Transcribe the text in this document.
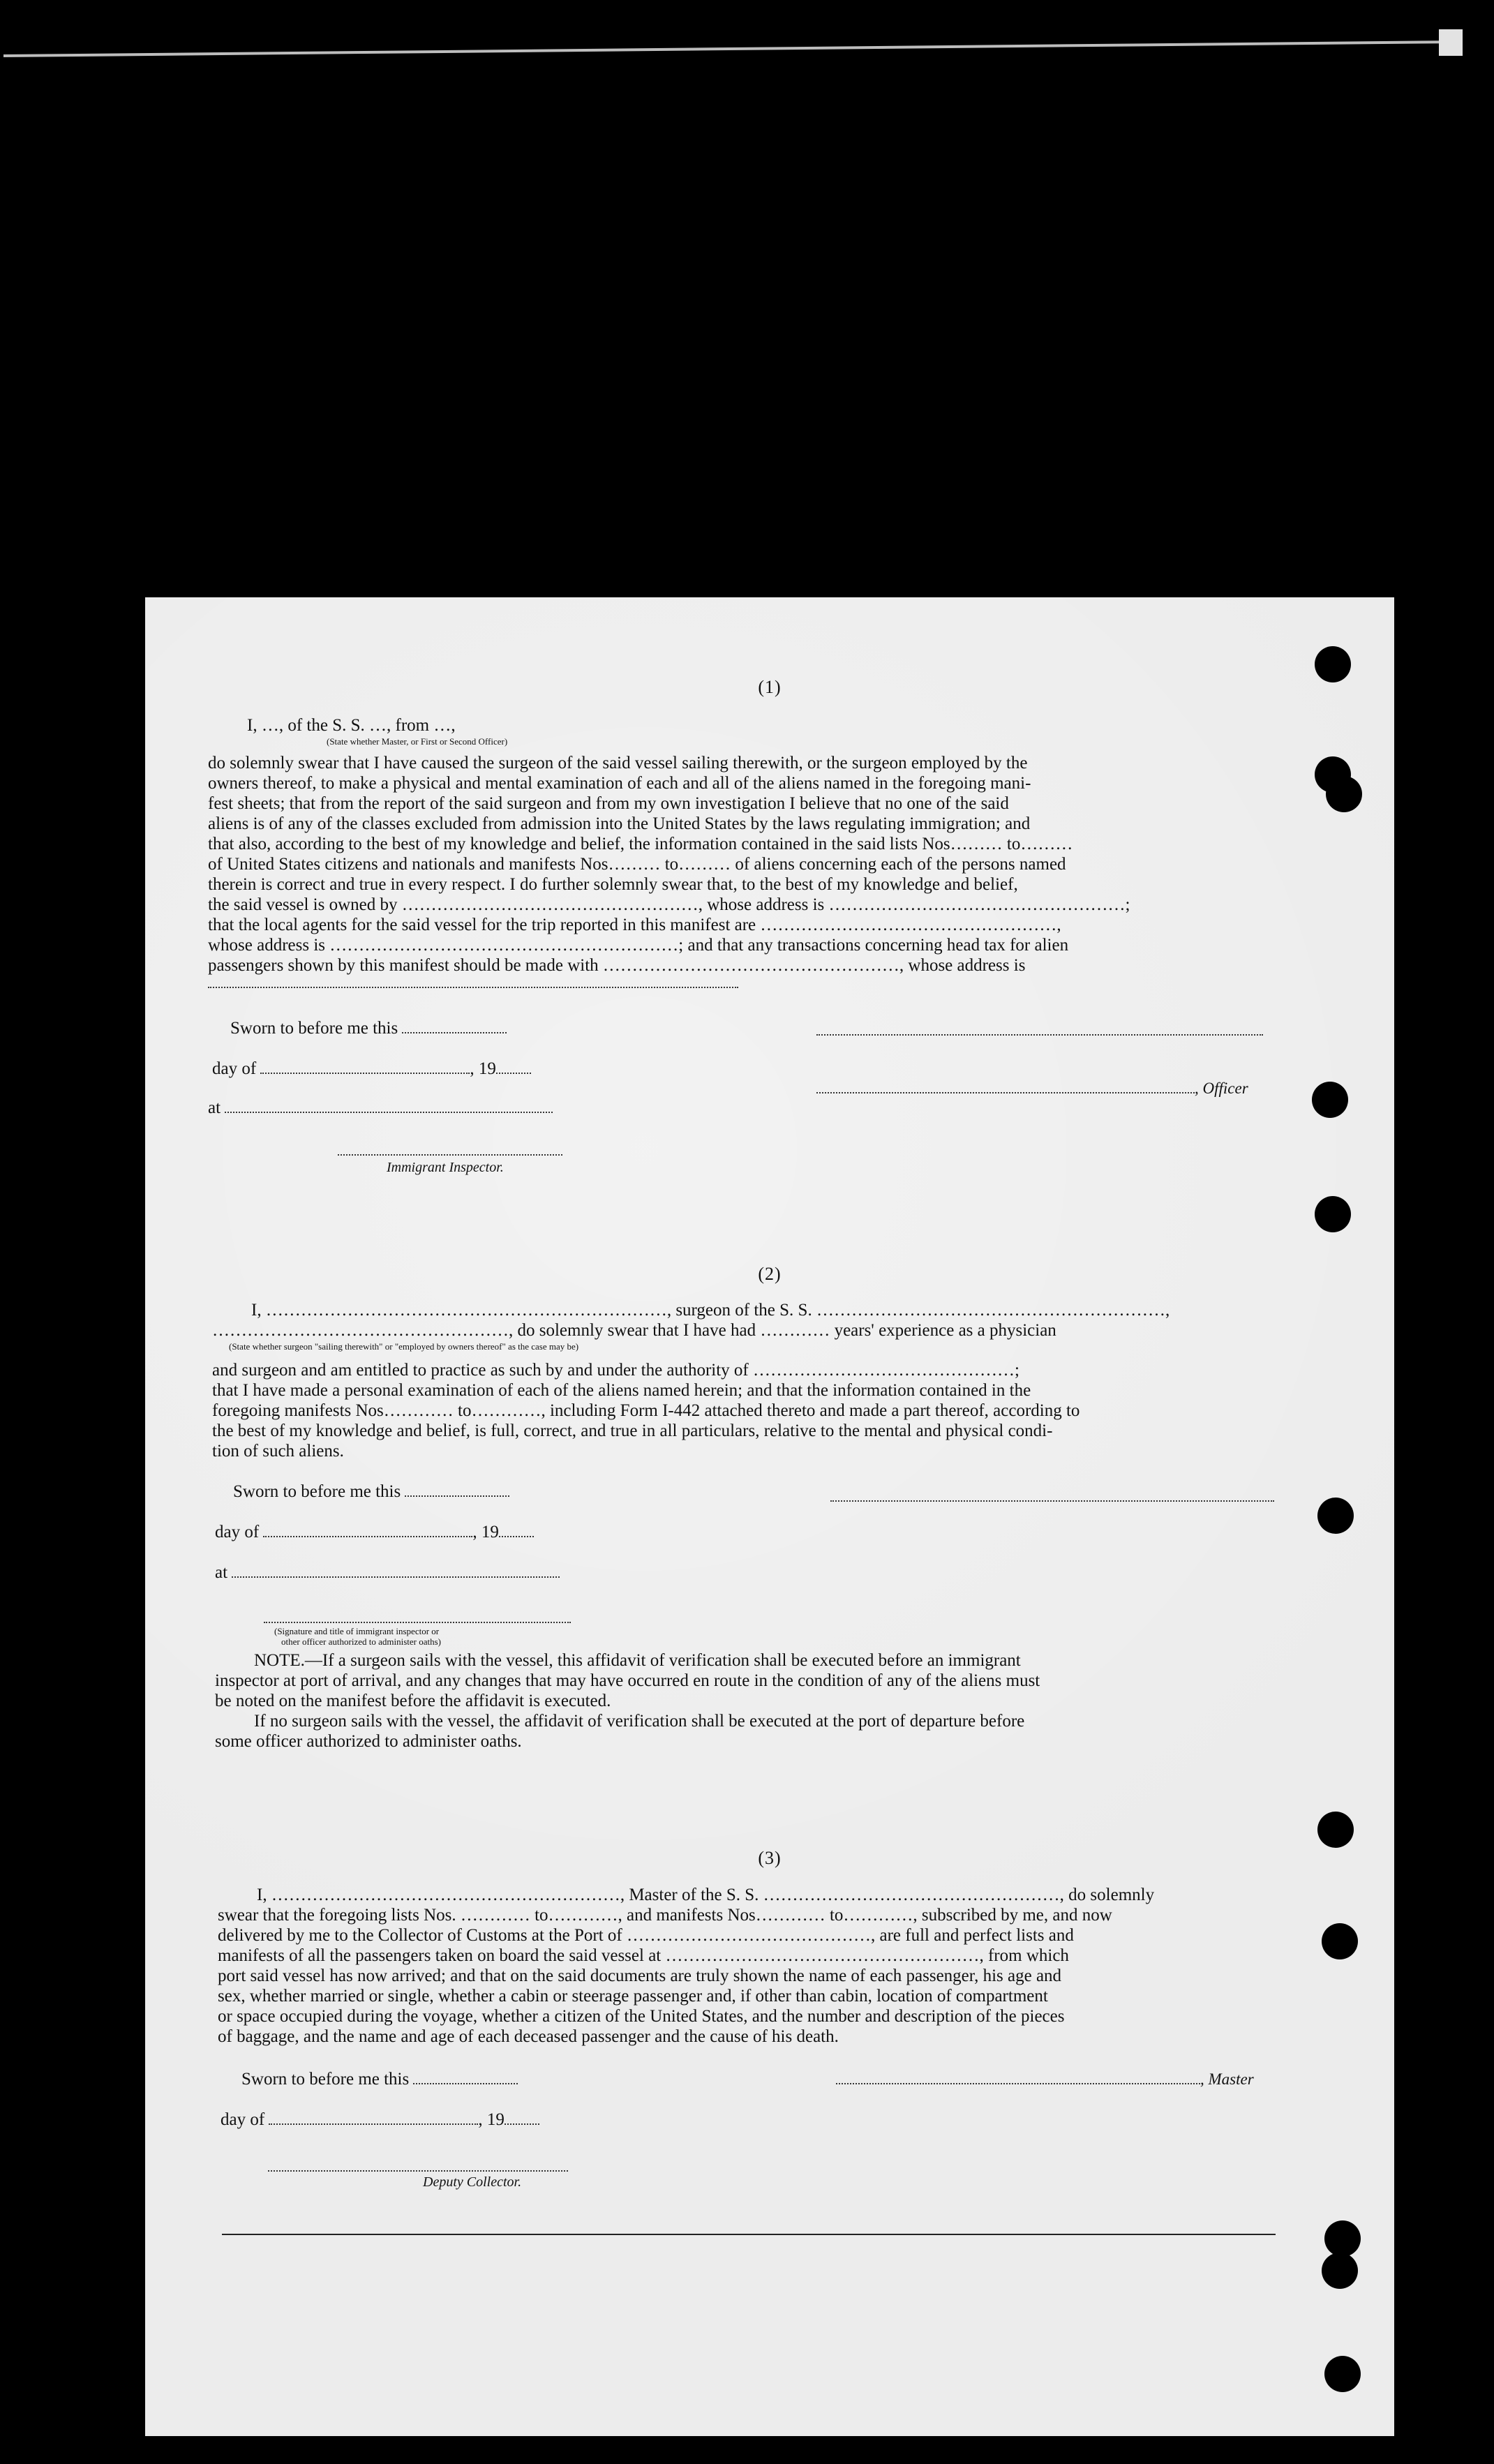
(1)
I, …, of the S. S. …, from …,
(State whether Master, or First or Second Officer)
do solemnly swear that I have caused the surgeon of the said vessel sailing therewith, or the surgeon employed by the
owners thereof, to make a physical and mental examination of each and all of the aliens named in the foregoing mani-
fest sheets; that from the report of the said surgeon and from my own investigation I believe that no one of the said
aliens is of any of the classes excluded from admission into the United States by the laws regulating immigration; and
that also, according to the best of my knowledge and belief, the information contained in the said lists Nos……… to………
of United States citizens and nationals and manifests Nos……… to……… of aliens concerning each of the persons named
therein is correct and true in every respect. I do further solemnly swear that, to the best of my knowledge and belief,
the said vessel is owned by ……………………………………………, whose address is ……………………………………………;
that the local agents for the said vessel for the trip reported in this manifest are ……………………………………………,
whose address is ……………………………………………………; and that any transactions concerning head tax for alien
passengers shown by this manifest should be made with ……………………………………………, whose address is
Sworn to before me this
day of	, 19
at
Immigrant Inspector.
, Officer
(2)
I, ……………………………………………………………, surgeon of the S. S. ……………………………………………………,
……………………………………………, do solemnly swear that I have had ………… years' experience as a physician
(State whether surgeon "sailing therewith" or "employed by owners thereof" as the case may be)
and surgeon and am entitled to practice as such by and under the authority of ………………………………………;
that I have made a personal examination of each of the aliens named herein; and that the information contained in the
foregoing manifests Nos………… to…………, including Form I-442 attached thereto and made a part thereof, according to
the best of my knowledge and belief, is full, correct, and true in all particulars, relative to the mental and physical condi-
tion of such aliens.
Sworn to before me this
day of	, 19
at
(Signature and title of immigrant inspector or
other officer authorized to administer oaths)
NOTE.—If a surgeon sails with the vessel, this affidavit of verification shall be executed before an immigrant
inspector at port of arrival, and any changes that may have occurred en route in the condition of any of the aliens must
be noted on the manifest before the affidavit is executed.
If no surgeon sails with the vessel, the affidavit of verification shall be executed at the port of departure before
some officer authorized to administer oaths.
(3)
I, ……………………………………………………, Master of the S. S. ……………………………………………, do solemnly
swear that the foregoing lists Nos. ………… to…………, and manifests Nos………… to…………, subscribed by me, and now
delivered by me to the Collector of Customs at the Port of ……………………………………, are full and perfect lists and
manifests of all the passengers taken on board the said vessel at ………………………………………………, from which
port said vessel has now arrived; and that on the said documents are truly shown the name of each passenger, his age and
sex, whether married or single, whether a cabin or steerage passenger and, if other than cabin, location of compartment
or space occupied during the voyage, whether a citizen of the United States, and the number and description of the pieces
of baggage, and the name and age of each deceased passenger and the cause of his death.
Sworn to before me this	, Master
day of	, 19
Deputy Collector.
